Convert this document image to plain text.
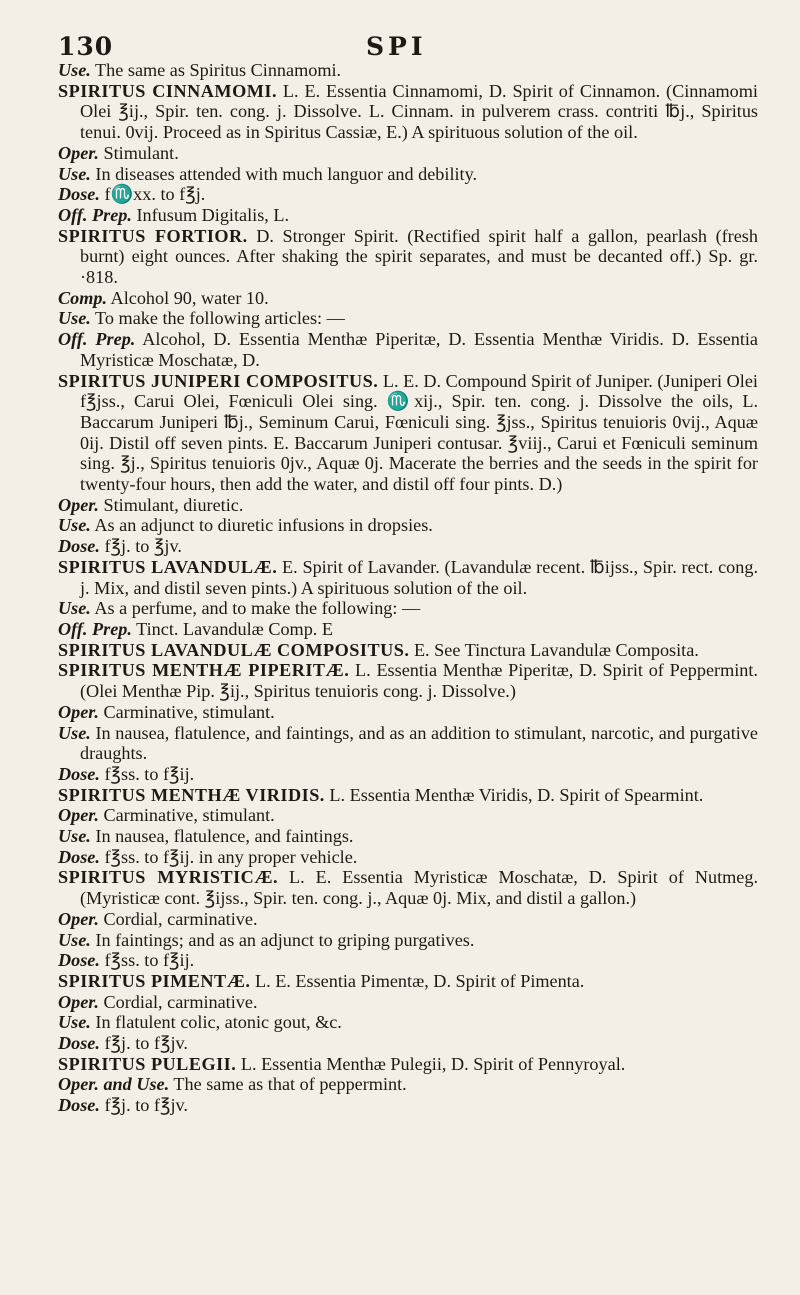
130	SPI

Use. The same as Spiritus Cinnamomi.

SPIRITUS CINNAMOMI. L. E. Essentia Cinnamomi, D. Spirit of Cinnamon. (Cinnamomi Olei ℥ij., Spir. ten. cong. j. Dissolve. L. Cinnam. in pulverem crass. contriti ℔j., Spiritus tenui. 0vij. Proceed as in Spiritus Cassiæ, E.) A spirituous solution of the oil.

Oper. Stimulant.

Use. In diseases attended with much languor and debility.

Dose. f♏xx. to f℥j.

Off. Prep. Infusum Digitalis, L.

SPIRITUS FORTIOR. D. Stronger Spirit. (Rectified spirit half a gallon, pearlash (fresh burnt) eight ounces. After shaking the spirit separates, and must be decanted off.) Sp. gr. ·818.

Comp. Alcohol 90, water 10.

Use. To make the following articles: —

Off. Prep. Alcohol, D. Essentia Menthæ Piperitæ, D. Essentia Menthæ Viridis. D. Essentia Myristicæ Moschatæ, D.

SPIRITUS JUNIPERI COMPOSITUS. L. E. D. Compound Spirit of Juniper. (Juniperi Olei f℥jss., Carui Olei, Fœniculi Olei sing. ♏xij., Spir. ten. cong. j. Dissolve the oils, L. Baccarum Juniperi ℔j., Seminum Carui, Fœniculi sing. ℥jss., Spiritus tenuioris 0vij., Aquæ 0ij. Distil off seven pints. E. Baccarum Juniperi contusar. ℥viij., Carui et Fœniculi seminum sing. ℥j., Spiritus tenuioris 0jv., Aquæ 0j. Macerate the berries and the seeds in the spirit for twenty-four hours, then add the water, and distil off four pints. D.)

Oper. Stimulant, diuretic.

Use. As an adjunct to diuretic infusions in dropsies.

Dose. f℥j. to ℥jv.

SPIRITUS LAVANDULÆ. E. Spirit of Lavander. (Lavandulæ recent. ℔ijss., Spir. rect. cong. j. Mix, and distil seven pints.) A spirituous solution of the oil.

Use. As a perfume, and to make the following: —

Off. Prep. Tinct. Lavandulæ Comp. E

SPIRITUS LAVANDULÆ COMPOSITUS. E. See Tinctura Lavandulæ Composita.

SPIRITUS MENTHÆ PIPERITÆ. L. Essentia Menthæ Piperitæ, D. Spirit of Peppermint. (Olei Menthæ Pip. ℥ij., Spiritus tenuioris cong. j. Dissolve.)

Oper. Carminative, stimulant.

Use. In nausea, flatulence, and faintings, and as an addition to stimulant, narcotic, and purgative draughts.

Dose. f℥ss. to f℥ij.

SPIRITUS MENTHÆ VIRIDIS. L. Essentia Menthæ Viridis, D. Spirit of Spearmint.

Oper. Carminative, stimulant.

Use. In nausea, flatulence, and faintings.

Dose. f℥ss. to f℥ij. in any proper vehicle.

SPIRITUS MYRISTICÆ. L. E. Essentia Myristicæ Moschatæ, D. Spirit of Nutmeg. (Myristicæ cont. ℥ijss., Spir. ten. cong. j., Aquæ 0j. Mix, and distil a gallon.)

Oper. Cordial, carminative.

Use. In faintings; and as an adjunct to griping purgatives.

Dose. f℥ss. to f℥ij.

SPIRITUS PIMENTÆ. L. E. Essentia Pimentæ, D. Spirit of Pimenta.

Oper. Cordial, carminative.

Use. In flatulent colic, atonic gout, &c.

Dose. f℥j. to f℥jv.

SPIRITUS PULEGII. L. Essentia Menthæ Pulegii, D. Spirit of Pennyroyal.

Oper. and Use. The same as that of peppermint.

Dose. f℥j. to f℥jv.
